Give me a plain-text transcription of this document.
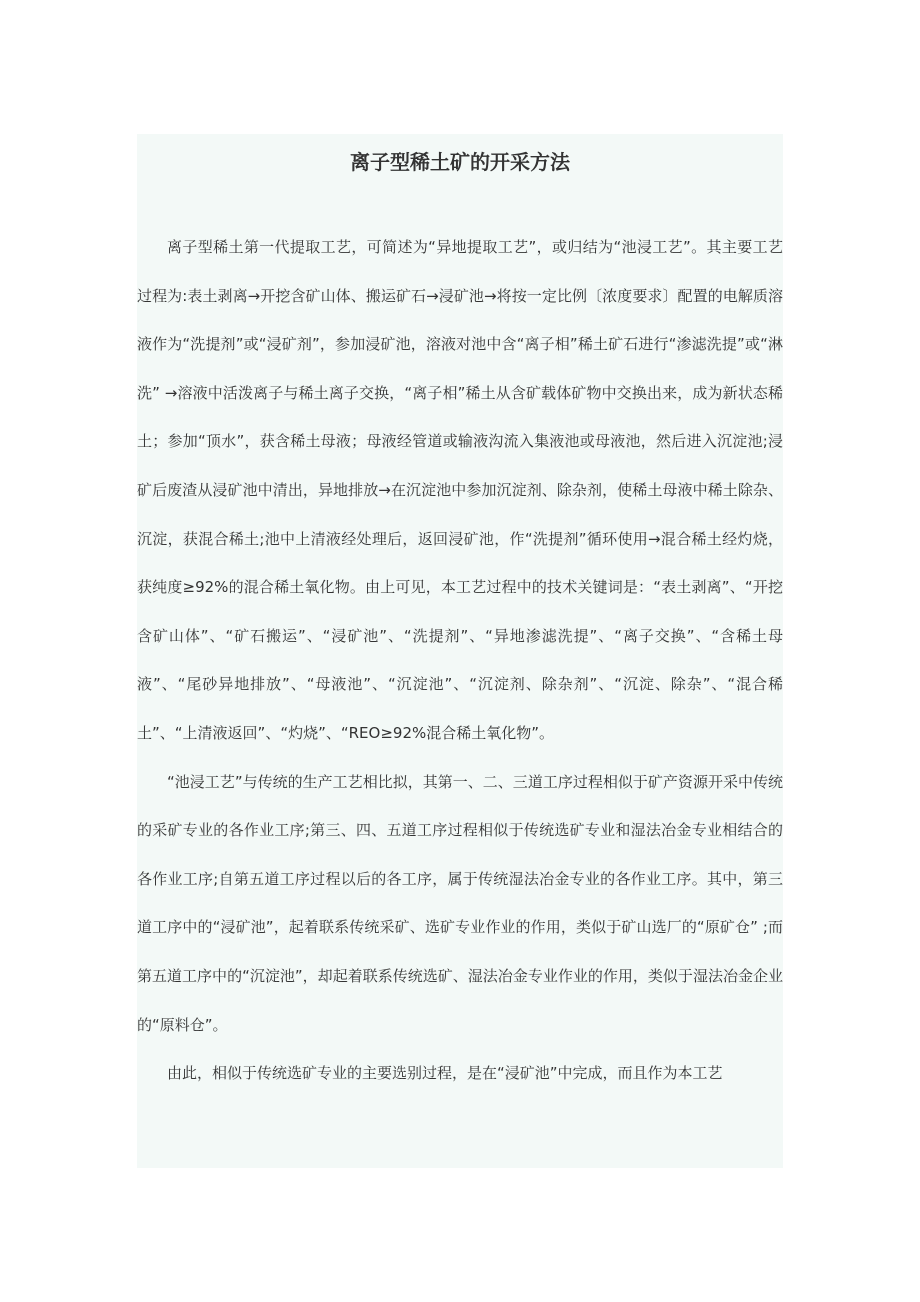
离子型稀土矿的开采方法

离子型稀土第一代提取工艺，可简述为“异地提取工艺”，或归结为“池浸工艺”。其主要工艺过程为:表土剥离→开挖含矿山体、搬运矿石→浸矿池→将按一定比例〔浓度要求〕配置的电解质溶液作为“洗提剂”或“浸矿剂”，参加浸矿池，溶液对池中含“离子相”稀土矿石进行“渗滤洗提”或“淋洗” →溶液中活泼离子与稀土离子交换，“离子相”稀土从含矿载体矿物中交换出来，成为新状态稀土；参加“顶水”，获含稀土母液；母液经管道或输液沟流入集液池或母液池，然后进入沉淀池;浸矿后废渣从浸矿池中清出，异地排放→在沉淀池中参加沉淀剂、除杂剂，使稀土母液中稀土除杂、沉淀，获混合稀土;池中上清液经处理后，返回浸矿池，作“洗提剂”循环使用→混合稀土经灼烧，获纯度≥92%的混合稀土氧化物。由上可见，本工艺过程中的技术关键词是：“表土剥离”、“开挖含矿山体”、“矿石搬运”、“浸矿池”、“洗提剂”、“异地渗滤洗提”、“离子交换”、“含稀土母液”、“尾砂异地排放”、“母液池”、“沉淀池”、“沉淀剂、除杂剂”、“沉淀、除杂”、“混合稀土”、“上清液返回”、“灼烧”、“REO≥92%混合稀土氧化物”。

“池浸工艺”与传统的生产工艺相比拟，其第一、二、三道工序过程相似于矿产资源开采中传统的采矿专业的各作业工序;第三、四、五道工序过程相似于传统选矿专业和湿法冶金专业相结合的各作业工序;自第五道工序过程以后的各工序，属于传统湿法冶金专业的各作业工序。其中，第三道工序中的“浸矿池”，起着联系传统采矿、选矿专业作业的作用，类似于矿山选厂的“原矿仓” ;而第五道工序中的“沉淀池”，却起着联系传统选矿、湿法冶金专业作业的作用，类似于湿法冶金企业的“原料仓”。

由此，相似于传统选矿专业的主要选别过程，是在“浸矿池”中完成，而且作为本工艺
